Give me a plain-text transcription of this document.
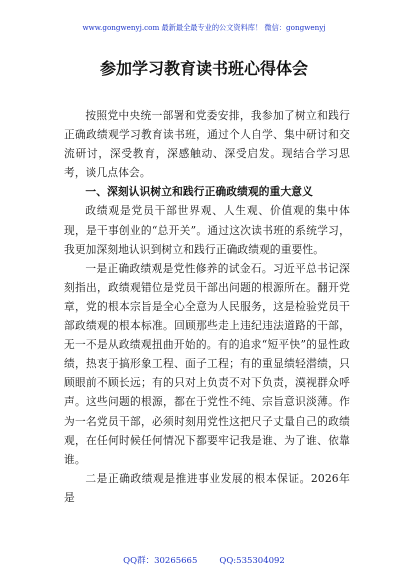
www.gongwenyj.com 最新最全最专业的公文资料库！ 微信：gongwenyj
参加学习教育读书班心得体会

按照党中央统一部署和党委安排，我参加了树立和践行正确政绩观学习教育读书班，通过个人自学、集中研讨和交流研讨，深受教育，深感触动、深受启发。现结合学习思考，谈几点体会。

一、深刻认识树立和践行正确政绩观的重大意义

政绩观是党员干部世界观、人生观、价值观的集中体现，是干事创业的“总开关”。通过这次读书班的系统学习，我更加深刻地认识到树立和践行正确政绩观的重要性。

一是正确政绩观是党性修养的试金石。习近平总书记深刻指出，政绩观错位是党员干部出问题的根源所在。翻开党章，党的根本宗旨是全心全意为人民服务，这是检验党员干部政绩观的根本标准。回顾那些走上违纪违法道路的干部，无一不是从政绩观扭曲开始的。有的追求“短平快”的显性政绩，热衷于搞形象工程、面子工程；有的重显绩轻潜绩，只顾眼前不顾长远；有的只对上负责不对下负责，漠视群众呼声。这些问题的根源，都在于党性不纯、宗旨意识淡薄。作为一名党员干部，必须时刻用党性这把尺子丈量自己的政绩观，在任何时候任何情况下都要牢记我是谁、为了谁、依靠谁。

二是正确政绩观是推进事业发展的根本保证。2026年是

QQ群：30265665	QQ:535304092
